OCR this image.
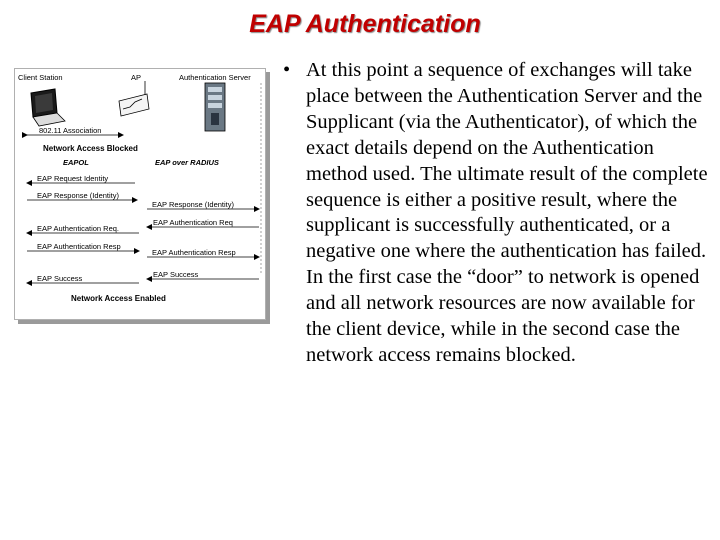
EAP Authentication
Client Station	AP	Authentication Server
802.11 Association
Network Access Blocked
EAPOL	EAP over RADIUS
EAP Request Identity
EAP Response (Identity)
EAP Response (Identity)
EAP Authentication Req
EAP Authentication Req.
EAP Authentication Resp
EAP Authentication Resp
EAP Success
EAP Success
Network Access Enabled
• At this point a sequence of exchanges will take place between the Authentication Server and the Supplicant (via the Authenticator), of which the exact details depend on the Authentication method used. The ultimate result of the complete sequence is either a positive result, where the supplicant is successfully authenticated, or a negative one where the authentication has failed. In the first case the “door” to network is opened and all network resources are now available for the client device, while in the second case the network access remains blocked.
